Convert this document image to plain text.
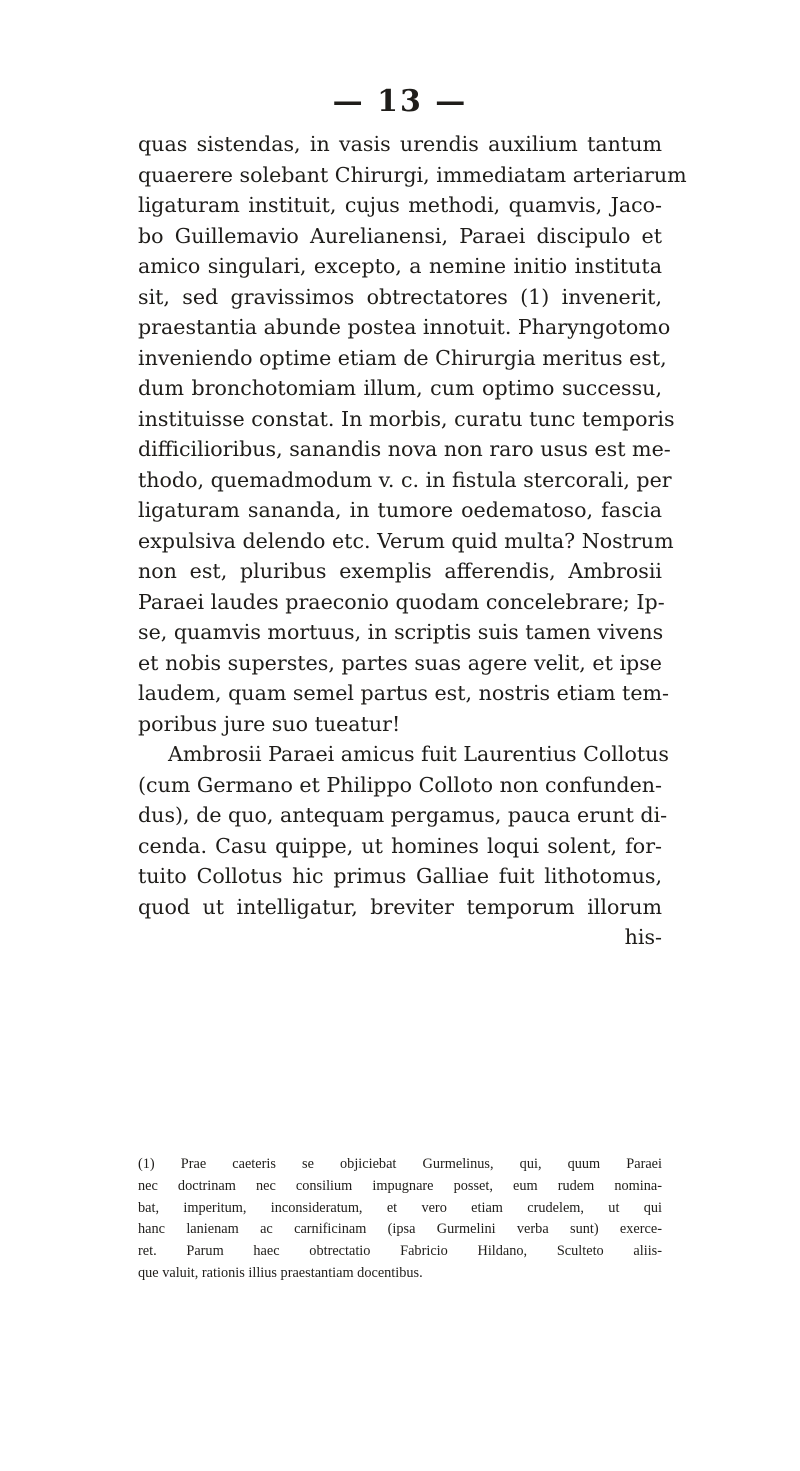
— 13 —
quas sistendas, in vasis urendis auxilium tantum
quaerere solebant Chirurgi, immediatam arteriarum
ligaturam instituit, cujus methodi, quamvis, Jaco-
bo Guillemavio Aurelianensi, Paraei discipulo et
amico singulari, excepto, a nemine initio instituta
sit, sed gravissimos obtrectatores (1) invenerit,
praestantia abunde postea innotuit. Pharyngotomo
inveniendo optime etiam de Chirurgia meritus est,
dum bronchotomiam illum, cum optimo successu,
instituisse constat. In morbis, curatu tunc temporis
difficilioribus, sanandis nova non raro usus est me-
thodo, quemadmodum v. c. in fistula stercorali, per
ligaturam sananda, in tumore oedematoso, fascia
expulsiva delendo etc. Verum quid multa? Nostrum
non est, pluribus exemplis afferendis, Ambrosii
Paraei laudes praeconio quodam concelebrare; Ip-
se, quamvis mortuus, in scriptis suis tamen vivens
et nobis superstes, partes suas agere velit, et ipse
laudem, quam semel partus est, nostris etiam tem-
poribus jure suo tueatur!
Ambrosii Paraei amicus fuit Laurentius Collotus
(cum Germano et Philippo Colloto non confunden-
dus), de quo, antequam pergamus, pauca erunt di-
cenda. Casu quippe, ut homines loqui solent, for-
tuito Collotus hic primus Galliae fuit lithotomus,
quod ut intelligatur, breviter temporum illorum
his-
(1) Prae caeteris se objiciebat Gurmelinus, qui, quum Paraei
nec doctrinam nec consilium impugnare posset, eum rudem nomina-
bat, imperitum, inconsideratum, et vero etiam crudelem, ut qui
hanc lanienam ac carnificinam (ipsa Gurmelini verba sunt) exerce-
ret. Parum haec obtrectatio Fabricio Hildano, Sculteto aliis-
que valuit, rationis illius praestantiam docentibus.
